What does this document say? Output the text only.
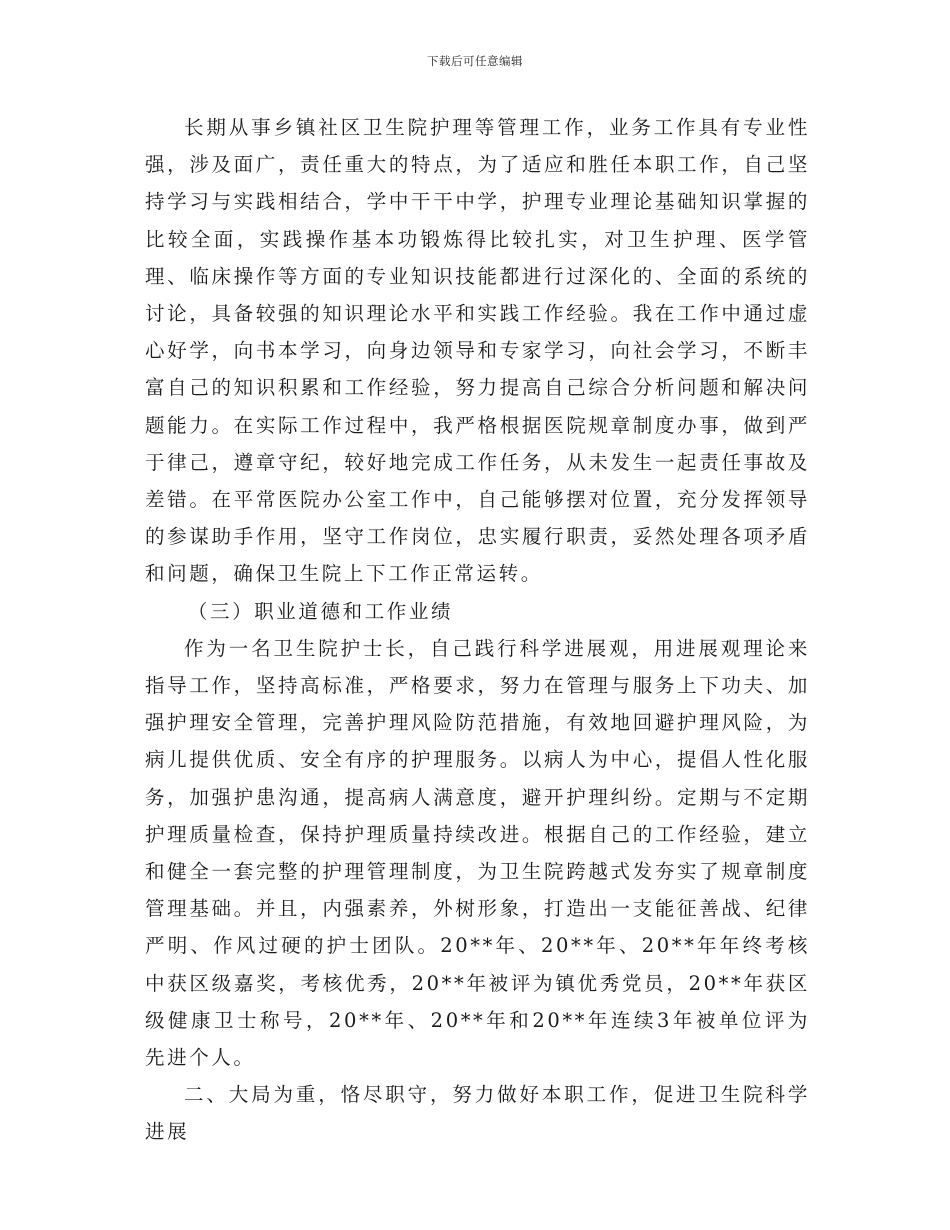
下载后可任意编辑

长期从事乡镇社区卫生院护理等管理工作，业务工作具有专业性强，涉及面广，责任重大的特点，为了适应和胜任本职工作，自己坚持学习与实践相结合，学中干干中学，护理专业理论基础知识掌握的比较全面，实践操作基本功锻炼得比较扎实，对卫生护理、医学管理、临床操作等方面的专业知识技能都进行过深化的、全面的系统的讨论，具备较强的知识理论水平和实践工作经验。我在工作中通过虚心好学，向书本学习，向身边领导和专家学习，向社会学习，不断丰富自己的知识积累和工作经验，努力提高自己综合分析问题和解决问题能力。在实际工作过程中，我严格根据医院规章制度办事，做到严于律己，遵章守纪，较好地完成工作任务，从未发生一起责任事故及差错。在平常医院办公室工作中，自己能够摆对位置，充分发挥领导的参谋助手作用，坚守工作岗位，忠实履行职责，妥然处理各项矛盾和问题，确保卫生院上下工作正常运转。

（三）职业道德和工作业绩

作为一名卫生院护士长，自己践行科学进展观，用进展观理论来指导工作，坚持高标准，严格要求，努力在管理与服务上下功夫、加强护理安全管理，完善护理风险防范措施，有效地回避护理风险，为病儿提供优质、安全有序的护理服务。以病人为中心，提倡人性化服务，加强护患沟通，提高病人满意度，避开护理纠纷。定期与不定期护理质量检查，保持护理质量持续改进。根据自己的工作经验，建立和健全一套完整的护理管理制度，为卫生院跨越式发夯实了规章制度管理基础。并且，内强素养，外树形象，打造出一支能征善战、纪律严明、作风过硬的护士团队。20**年、20**年、20**年年终考核中获区级嘉奖，考核优秀，20**年被评为镇优秀党员，20**年获区级健康卫士称号，20**年、20**年和20**年连续3年被单位评为先进个人。

二、大局为重，恪尽职守，努力做好本职工作，促进卫生院科学进展
